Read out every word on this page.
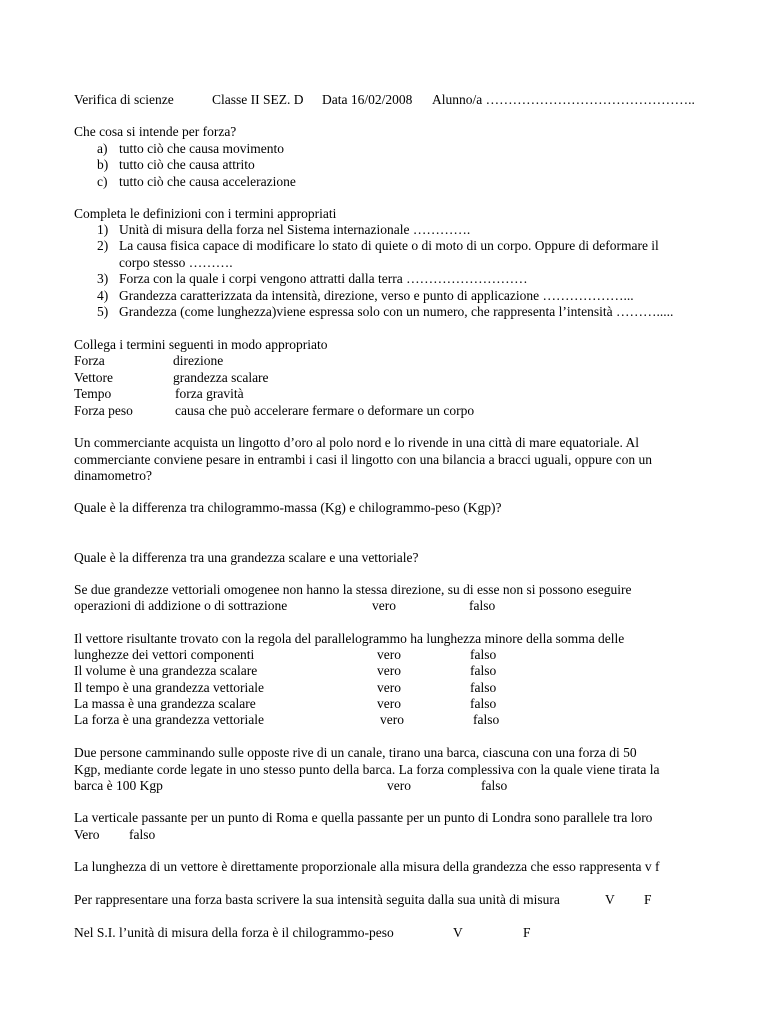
Verifica di scienze	Classe II SEZ. D Data 16/02/2008 Alunno/a ………………………………………..
Che cosa si intende per forza?
a) tutto ciò che causa movimento
b) tutto ciò che causa attrito
c) tutto ciò che causa accelerazione
Completa le definizioni con i termini appropriati
1) Unità di misura della forza nel Sistema internazionale ………….
2) La causa fisica capace di modificare lo stato di quiete o di moto di un corpo. Oppure di deformare il
corpo stesso ……….
3) Forza con la quale i corpi vengono attratti dalla terra ………………………
4) Grandezza caratterizzata da intensità, direzione, verso e punto di applicazione ………………...
5) Grandezza (come lunghezza)viene espressa solo con un numero, che rappresenta l’intensità ……….....
Collega i termini seguenti in modo appropriato
Forza	direzione
Vettore	grandezza scalare
Tempo	forza gravità
Forza peso	causa che può accelerare fermare o deformare un corpo
Un commerciante acquista un lingotto d’oro al polo nord e lo rivende in una città di mare equatoriale. Al
commerciante conviene pesare in entrambi i casi il lingotto con una bilancia a bracci uguali, oppure con un
dinamometro?
Quale è la differenza tra chilogrammo-massa (Kg) e chilogrammo-peso (Kgp)?
Quale è la differenza tra una grandezza scalare e una vettoriale?
Se due grandezze vettoriali omogenee non hanno la stessa direzione, su di esse non si possono eseguire
operazioni di addizione o di sottrazione	vero	falso
Il vettore risultante trovato con la regola del parallelogrammo ha lunghezza minore della somma delle
lunghezze dei vettori componenti	vero	falso
Il volume è una grandezza scalare	vero	falso
Il tempo è una grandezza vettoriale	vero	falso
La massa è una grandezza scalare	vero	falso
La forza è una grandezza vettoriale	vero	falso
Due persone camminando sulle opposte rive di un canale, tirano una barca, ciascuna con una forza di 50
Kgp, mediante corde legate in uno stesso punto della barca. La forza complessiva con la quale viene tirata la
barca è 100 Kgp	vero	falso
La verticale passante per un punto di Roma e quella passante per un punto di Londra sono parallele tra loro
Vero falso
La lunghezza di un vettore è direttamente proporzionale alla misura della grandezza che esso rappresenta v f
Per rappresentare una forza basta scrivere la sua intensità seguita dalla sua unità di misura	V F
Nel S.I. l’unità di misura della forza è il chilogrammo-peso	V	F
